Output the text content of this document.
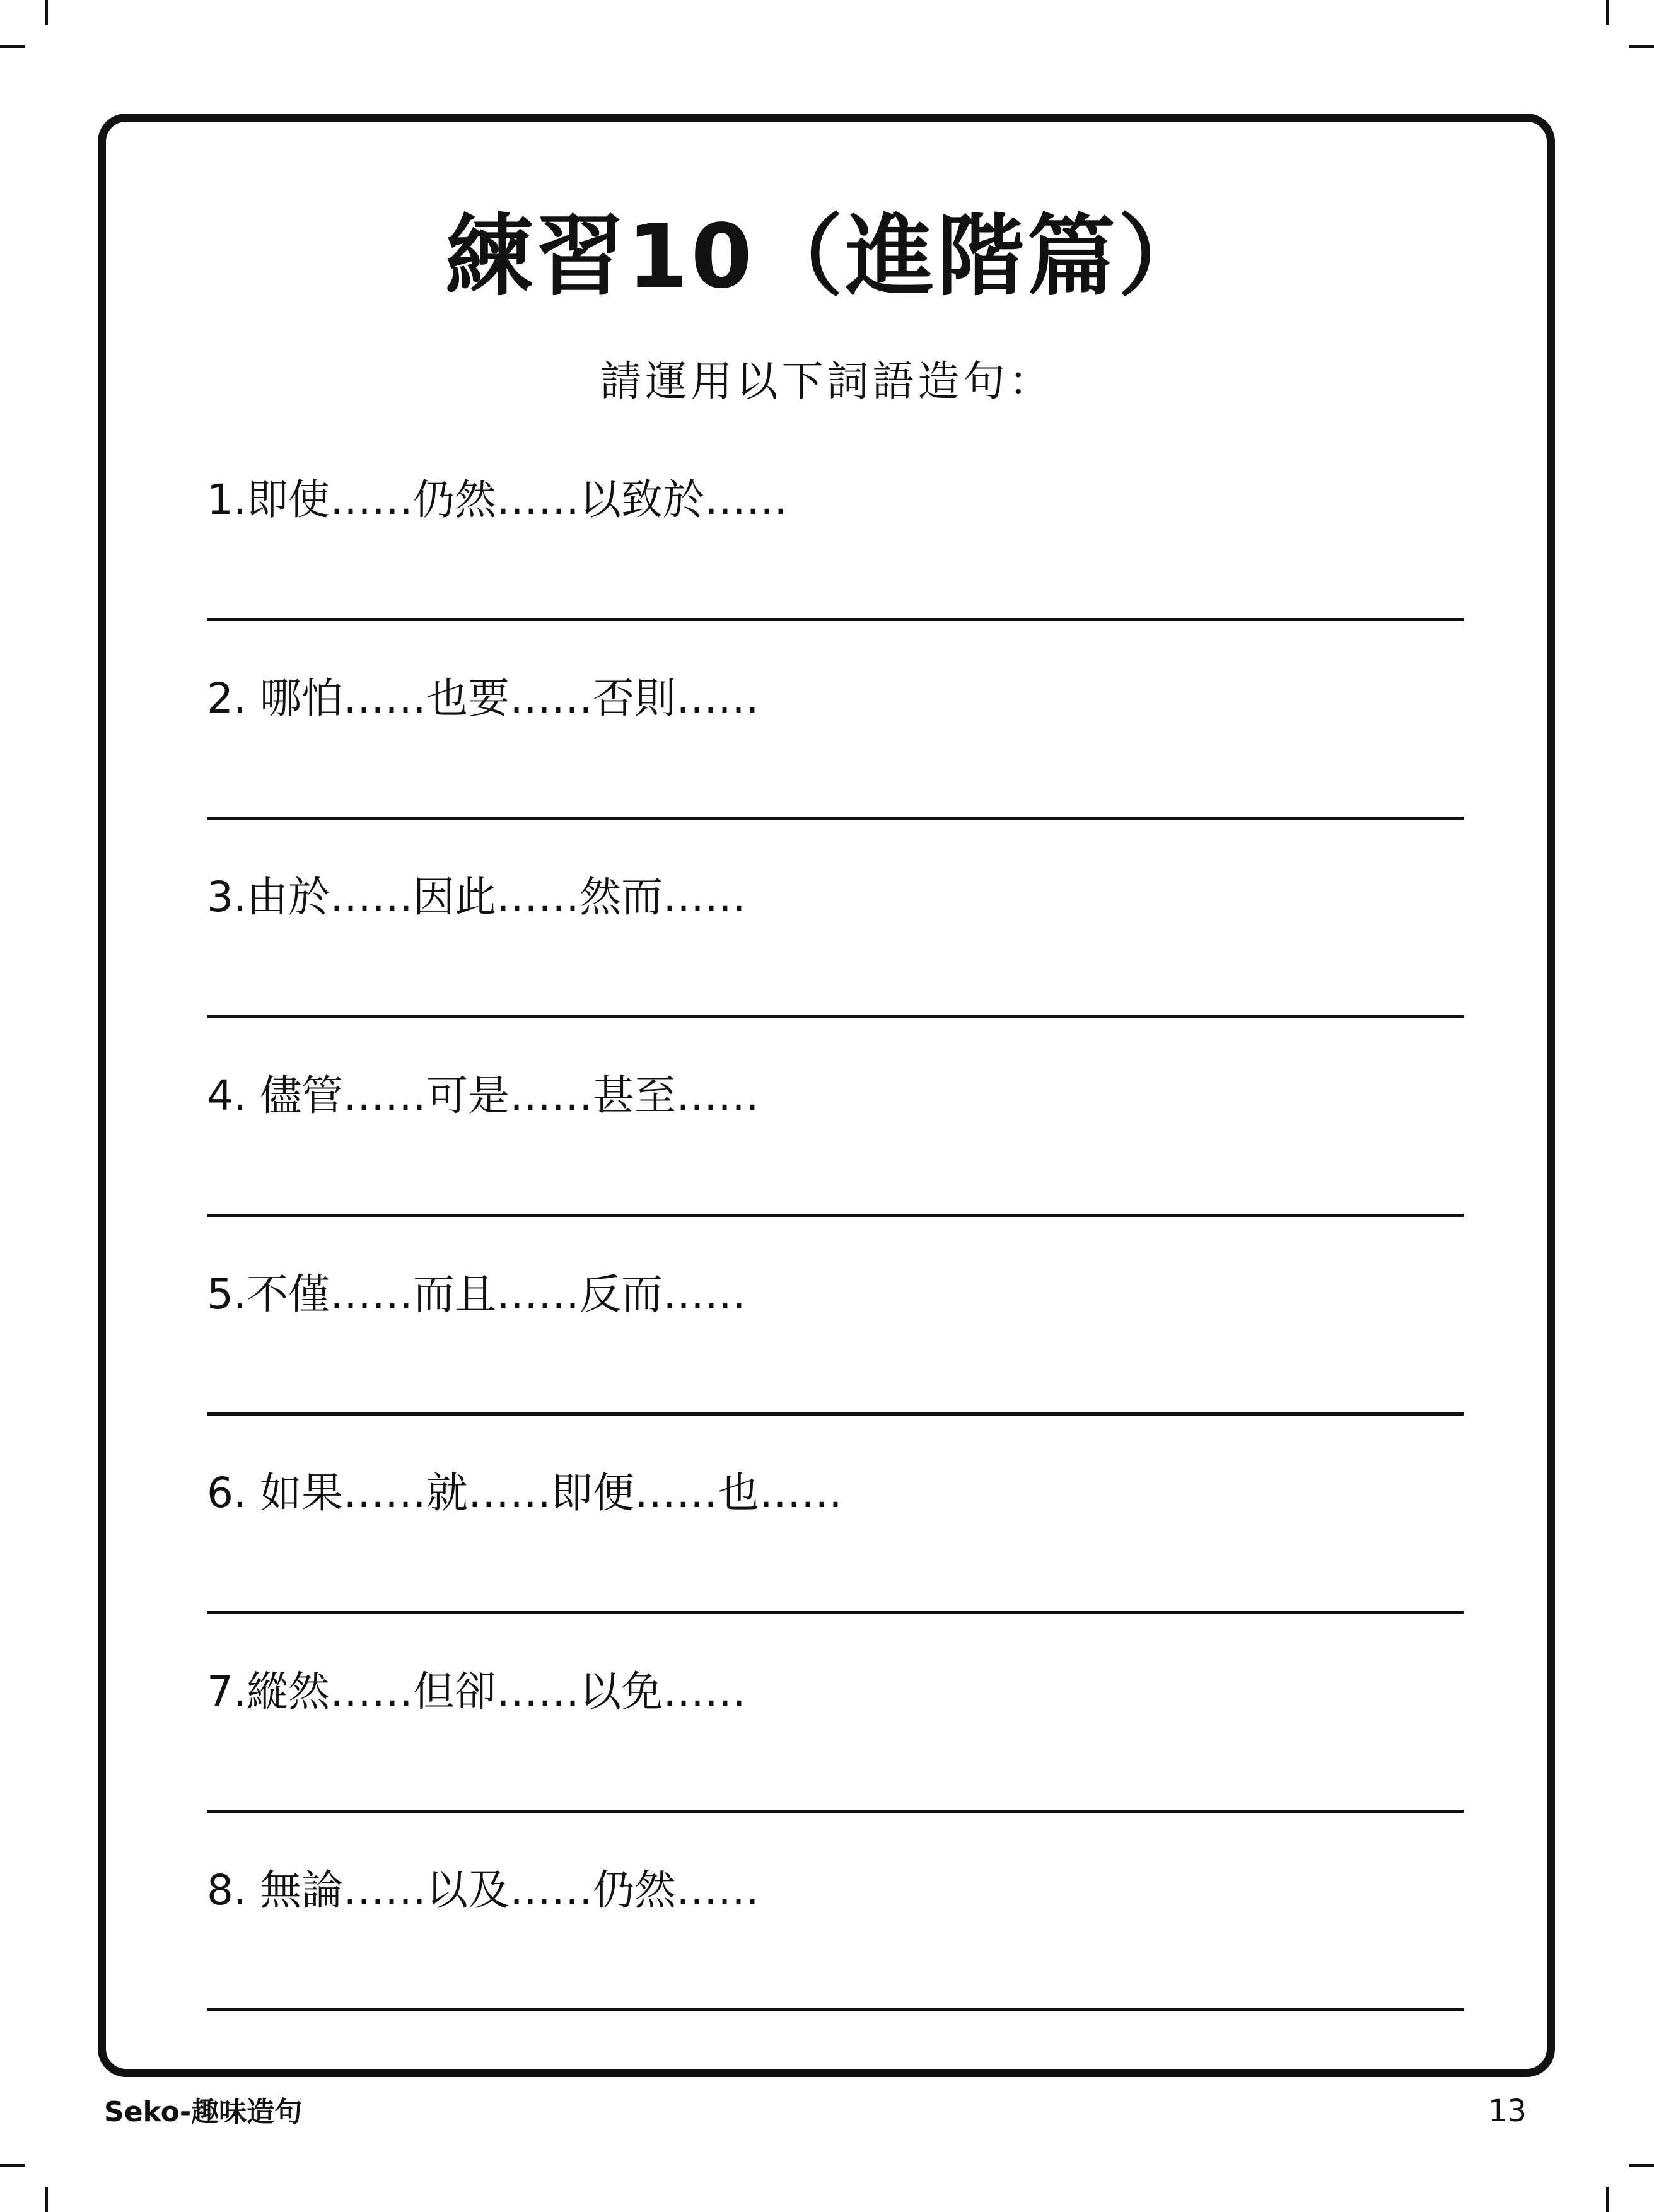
練習10（進階篇）
請運用以下詞語造句：
1.即使……仍然……以致於……
2. 哪怕……也要……否則……
3.由於……因此……然而……
4. 儘管……可是……甚至……
5.不僅……而且……反而……
6. 如果……就……即便……也……
7.縱然……但卻……以免……
8. 無論……以及……仍然……
Seko-趣味造句	13
